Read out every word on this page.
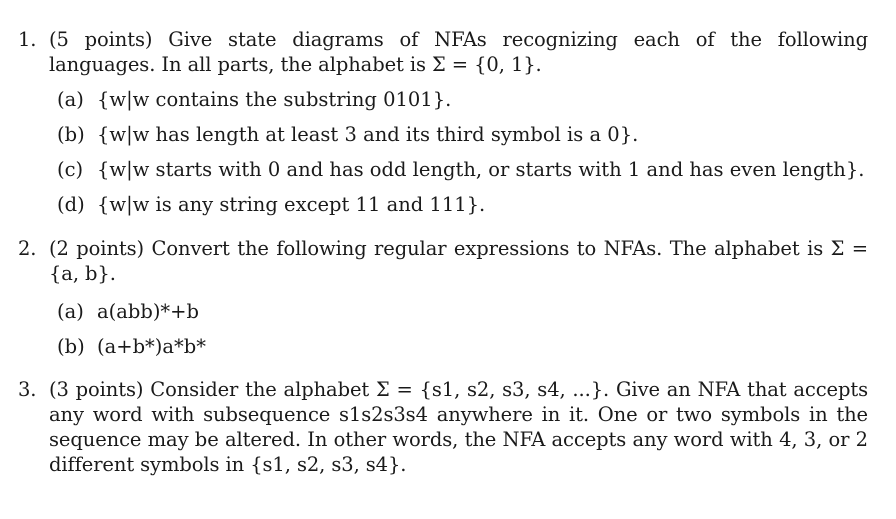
1. (5 points) Give state diagrams of NFAs recognizing each of the following languages. In all parts, the alphabet is Σ = {0, 1}.
(a) {w|w contains the substring 0101}.
(b) {w|w has length at least 3 and its third symbol is a 0}.
(c) {w|w starts with 0 and has odd length, or starts with 1 and has even length}.
(d) {w|w is any string except 11 and 111}.
2. (2 points) Convert the following regular expressions to NFAs. The alphabet is Σ = {a, b}.
(a) a(abb)*+b
(b) (a+b*)a*b*
3. (3 points) Consider the alphabet Σ = {s1, s2, s3, s4, ...}. Give an NFA that accepts any word with subsequence s1s2s3s4 anywhere in it. One or two symbols in the sequence may be altered. In other words, the NFA accepts any word with 4, 3, or 2 different symbols in {s1, s2, s3, s4}.
